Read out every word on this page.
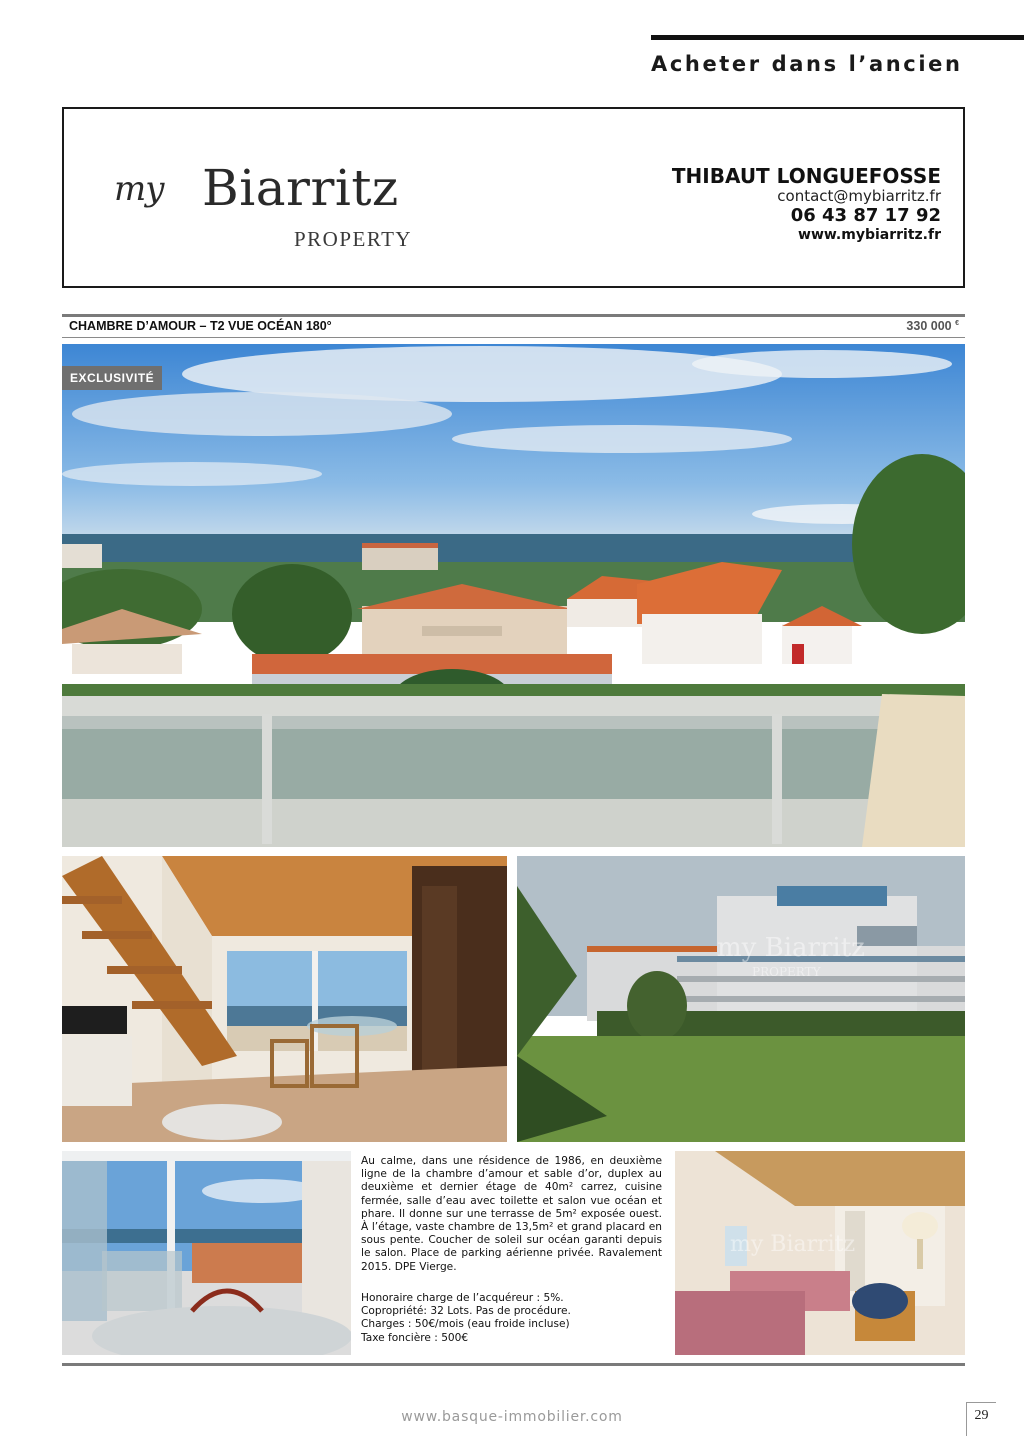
Acheter dans l’ancien
my Biarritz
PROPERTY
THIBAUT LONGUEFOSSE
contact@mybiarritz.fr
06 43 87 17 92
www.mybiarritz.fr
CHAMBRE D’AMOUR – T2 VUE OCÉAN 180°	330 000 €
EXCLUSIVITÉ
my Biarritz
PROPERTY
Au calme, dans une résidence de 1986, en deuxième ligne de la chambre d’amour et sable d’or, duplex au deuxième et dernier étage de 40m² carrez, cuisine fermée, salle d’eau avec toilette et salon vue océan et phare. Il donne sur une terrasse de 5m² exposée ouest. À l’étage, vaste chambre de 13,5m² et grand placard en sous pente. Coucher de soleil sur océan garanti depuis le salon. Place de parking aérienne privée. Ravalement 2015. DPE Vierge.
Honoraire charge de l’acquéreur : 5%.
Copropriété: 32 Lots. Pas de procédure.
Charges : 50€/mois (eau froide incluse)
Taxe foncière : 500€
my Biarritz
www.basque-immobilier.com	29
